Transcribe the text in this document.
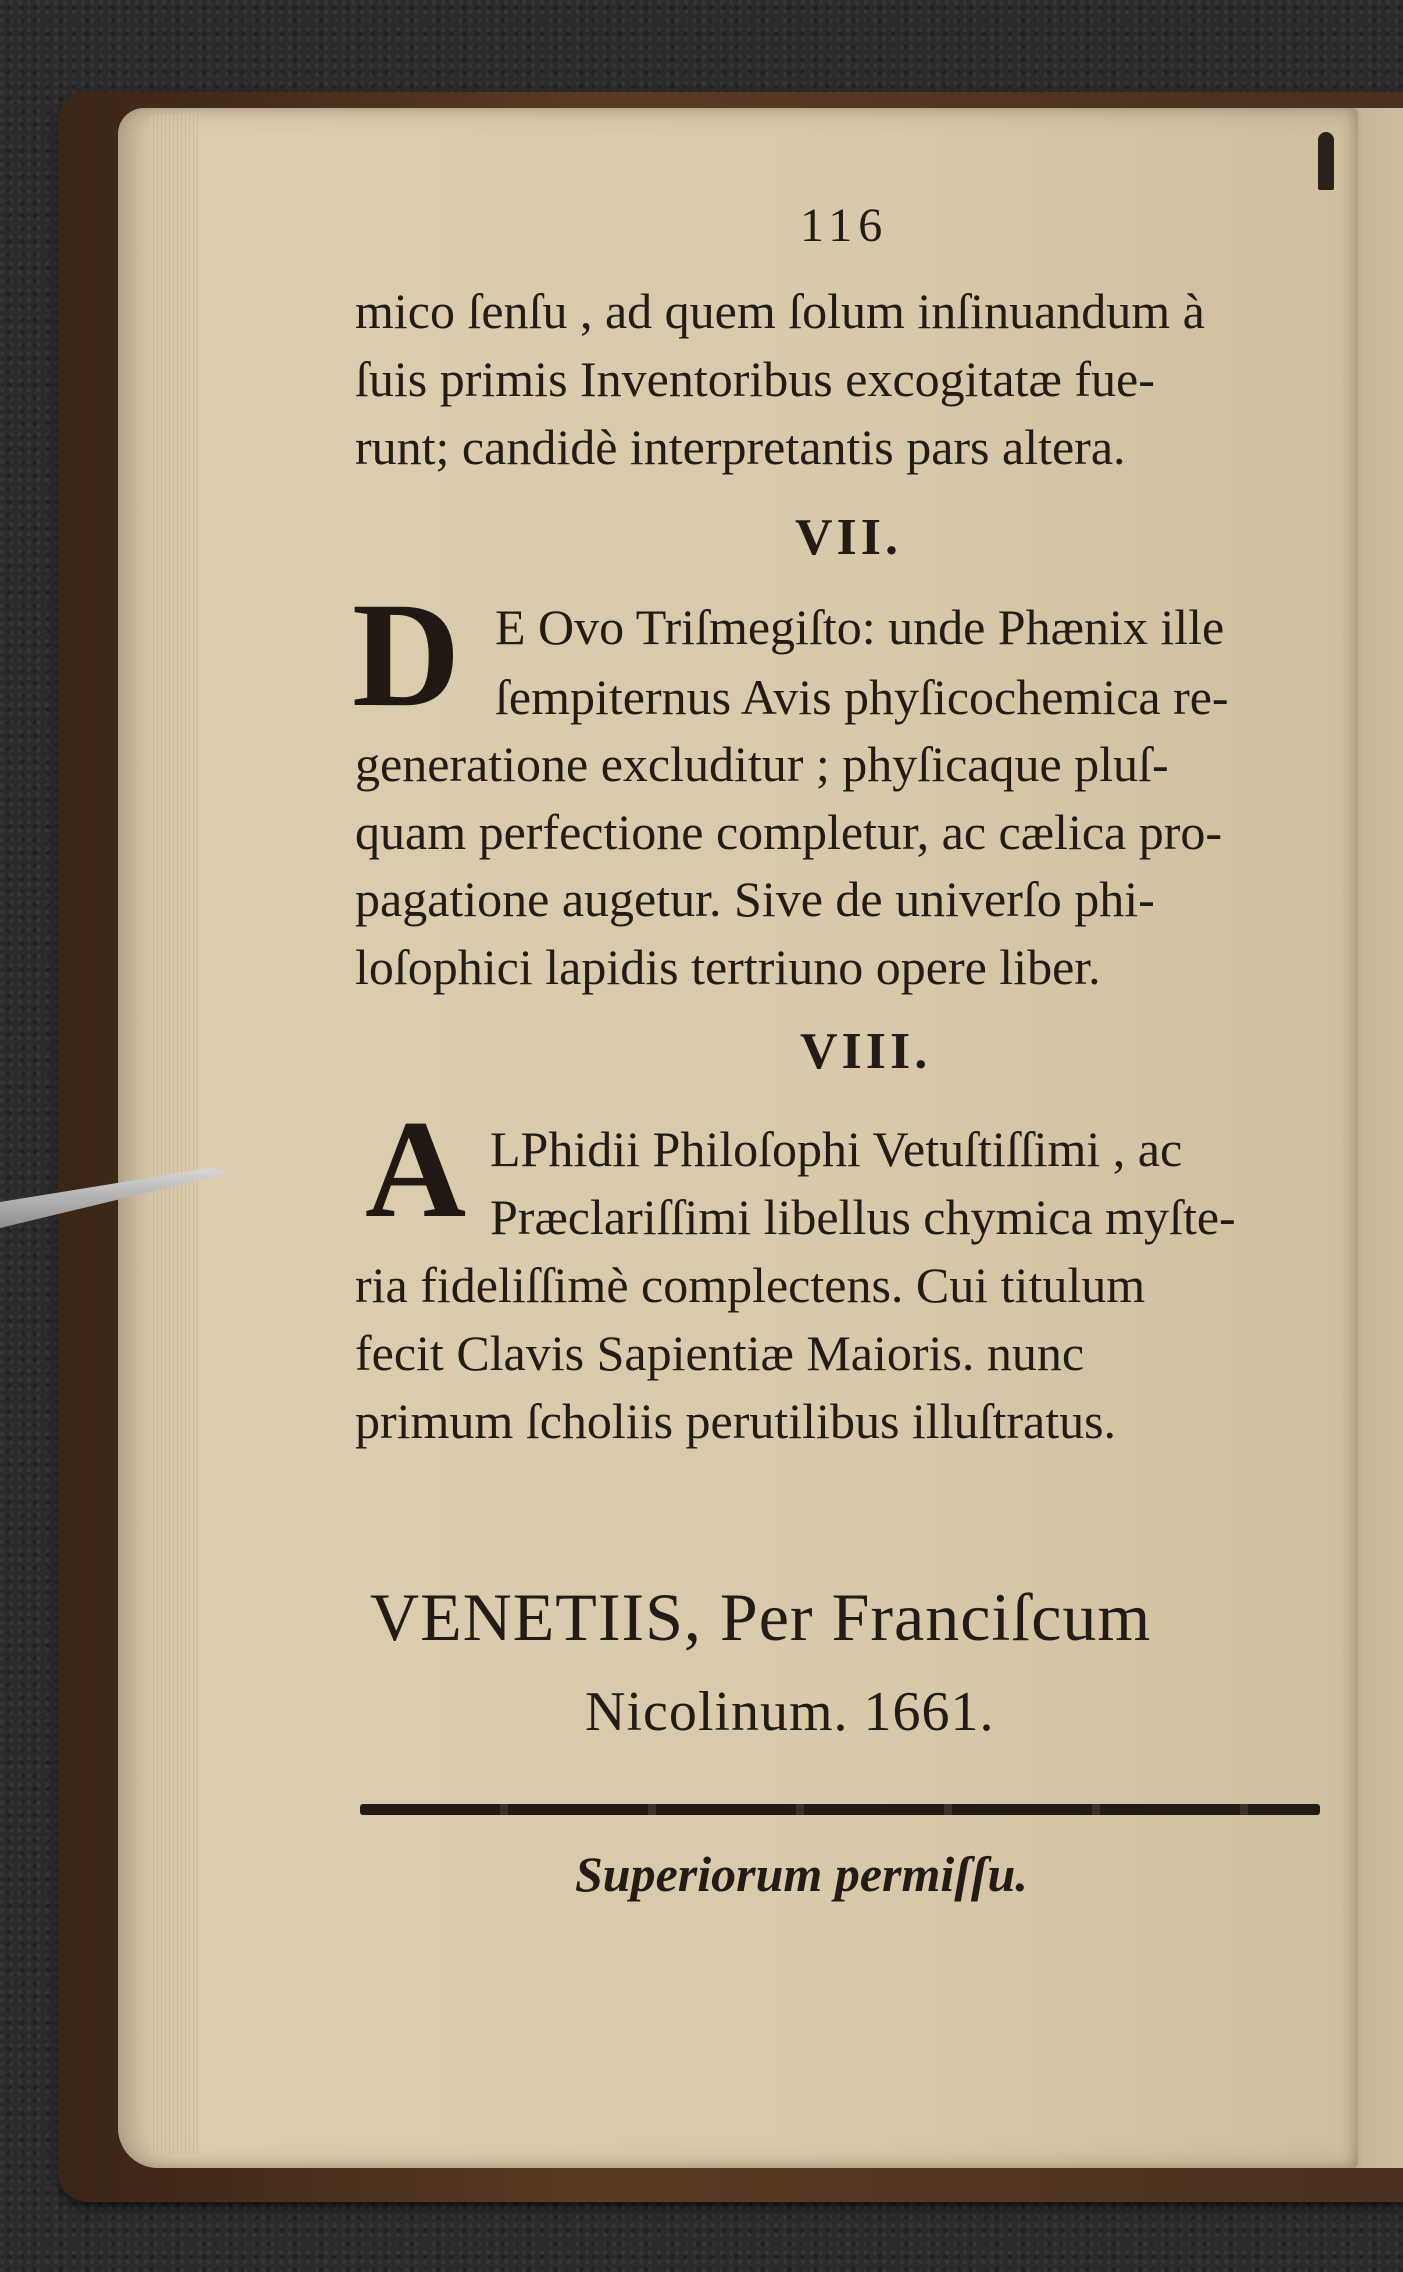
116
mico ſenſu , ad quem ſolum inſinuandum à
ſuis primis Inventoribus excogitatæ fue-
runt; candidè interpretantis pars altera.
VII.
D E Ovo Triſmegiſto: unde Phænix ille
ſempiternus Avis phyſicochemica re-
generatione excluditur ; phyſicaque pluſ-
quam perfectione completur, ac cælica pro-
pagatione augetur. Sive de univerſo phi-
loſophici lapidis tertriuno opere liber.
VIII.
A LPhidii Philoſophi Vetuſtiſſimi , ac
Præclariſſimi libellus chymica myſte-
ria fideliſſimè complectens. Cui titulum
fecit Clavis Sapientiæ Maioris. nunc
primum ſcholiis perutilibus illuſtratus.
VENETIIS, Per Franciſcum
Nicolinum. 1661.
Superiorum permiſſu.
